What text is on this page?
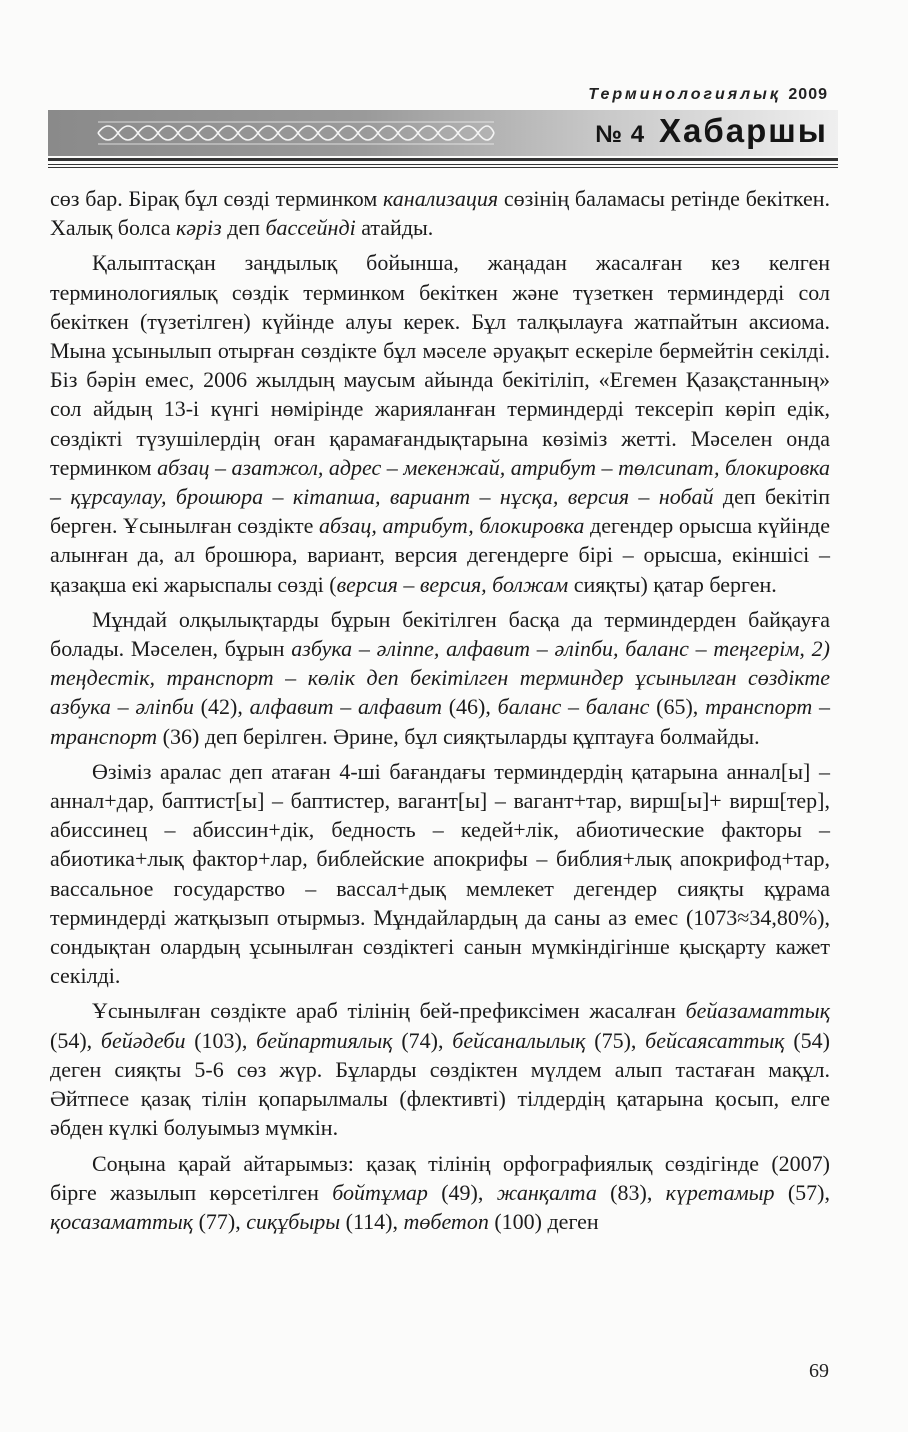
Терминологиялық 2009
№ 4 Хабаршы

сөз бар. Бірақ бұл сөзді терминком канализация сөзінің баламасы ретінде бекіткен. Халық болса кәріз деп бассейнді атайды.

Қалыптасқан заңдылық бойынша, жаңадан жасалған кез келген терминологиялық сөздік терминком бекіткен және түзеткен терминдерді сол бекіткен (түзетілген) күйінде алуы керек. Бұл талқылауға жатпайтын аксиома. Мына ұсынылып отырған сөздікте бұл мәселе әруақыт ескеріле бермейтін секілді. Біз бәрін емес, 2006 жылдың маусым айында бекітіліп, «Егемен Қазақстанның» сол айдың 13-і күнгі нөмірінде жарияланған терминдерді тексеріп көріп едік, сөздікті түзушілердің оған қарамағандықтарына көзіміз жетті. Мәселен онда терминком абзац – азатжол, адрес – мекенжай, атрибут – төлсипат, блокировка – құрсаулау, брошюра – кітапша, вариант – нұсқа, версия – нобай деп бекітіп берген. Ұсынылған сөздікте абзац, атрибут, блокировка дегендер орысша күйінде алынған да, ал брошюра, вариант, версия дегендерге бірі – орысша, екіншісі – қазақша екі жарыспалы сөзді (версия – версия, болжам сияқты) қатар берген.

Мұндай олқылықтарды бұрын бекітілген басқа да терминдерден байқауға болады. Мәселен, бұрын азбука – әліппе, алфавит – әліпби, баланс – теңгерім, 2) теңдестік, транспорт – көлік деп бекітілген терминдер ұсынылған сөздікте азбука – әліпби (42), алфавит – алфавит (46), баланс – баланс (65), транспорт – транспорт (36) деп берілген. Әрине, бұл сияқтыларды құптауға болмайды.

Өзіміз аралас деп атаған 4-ші бағандағы терминдердің қатарына аннал[ы] – аннал+дар, баптист[ы] – баптистер, вагант[ы] – вагант+тар, вирш[ы]+ вирш[тер], абиссинец – абиссин+дік, бедность – кедей+лік, абиотические факторы – абиотика+лық фактор+лар, библейские апокрифы – библия+лық апокрифод+тар, вассальное государство – вассал+дық мемлекет дегендер сияқты құрама терминдерді жатқызып отырмыз. Мұндайлардың да саны аз емес (1073≈34,80%), сондықтан олардың ұсынылған сөздіктегі санын мүмкіндігінше қысқарту кажет секілді.

Ұсынылған сөздікте араб тілінің бей-префиксімен жасалған бейазаматтық (54), бейәдеби (103), бейпартиялық (74), бейсаналылық (75), бейсаясаттық (54) деген сияқты 5-6 сөз жүр. Бұларды сөздіктен мүлдем алып тастаған мақұл. Әйтпесе қазақ тілін қопарылмалы (флективті) тілдердің қатарына қосып, елге әбден күлкі болуымыз мүмкін.

Соңына қарай айтарымыз: қазақ тілінің орфографиялық сөздігінде (2007) бірге жазылып көрсетілген бойтұмар (49), жанқалта (83), күретамыр (57), қосазаматтық (77), сиқұбыры (114), төбетоп (100) деген

69
